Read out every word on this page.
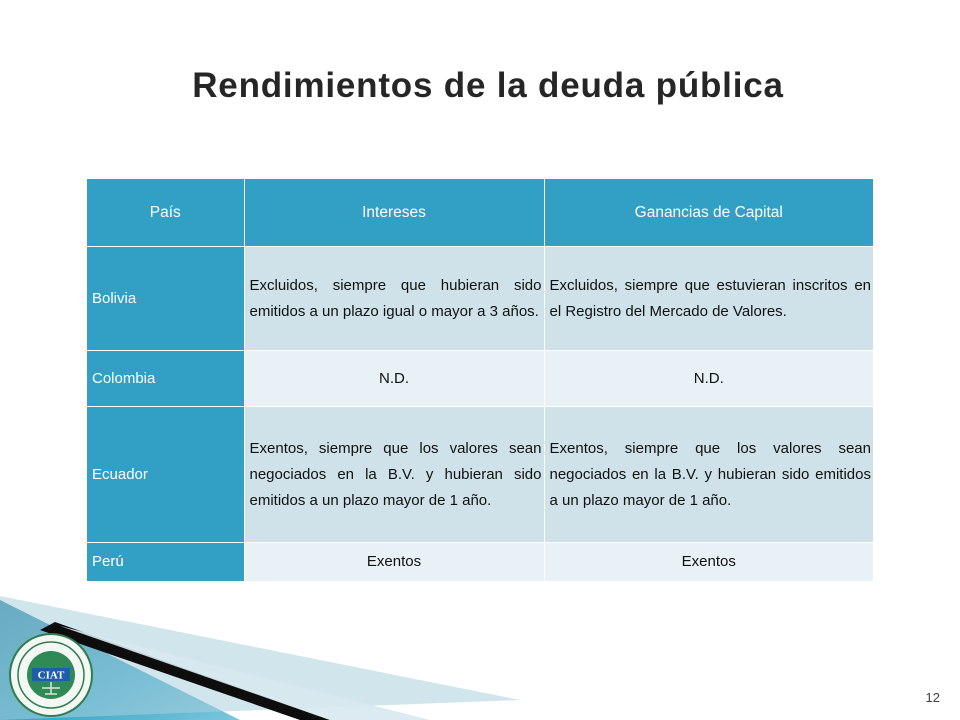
Rendimientos de la deuda pública
País	Intereses	Ganancias de Capital
Bolivia	Excluidos, siempre que hubieran sido emitidos a un plazo igual o mayor a 3 años.	Excluidos, siempre que estuvieran inscritos en el Registro del Mercado de Valores.
Colombia	N.D.	N.D.
Ecuador	Exentos, siempre que los valores sean negociados en la B.V. y hubieran sido emitidos a un plazo mayor de 1 año.	Exentos, siempre que los valores sean negociados en la B.V. y hubieran sido emitidos a un plazo mayor de 1 año.
Perú	Exentos	Exentos
CIAT
12
